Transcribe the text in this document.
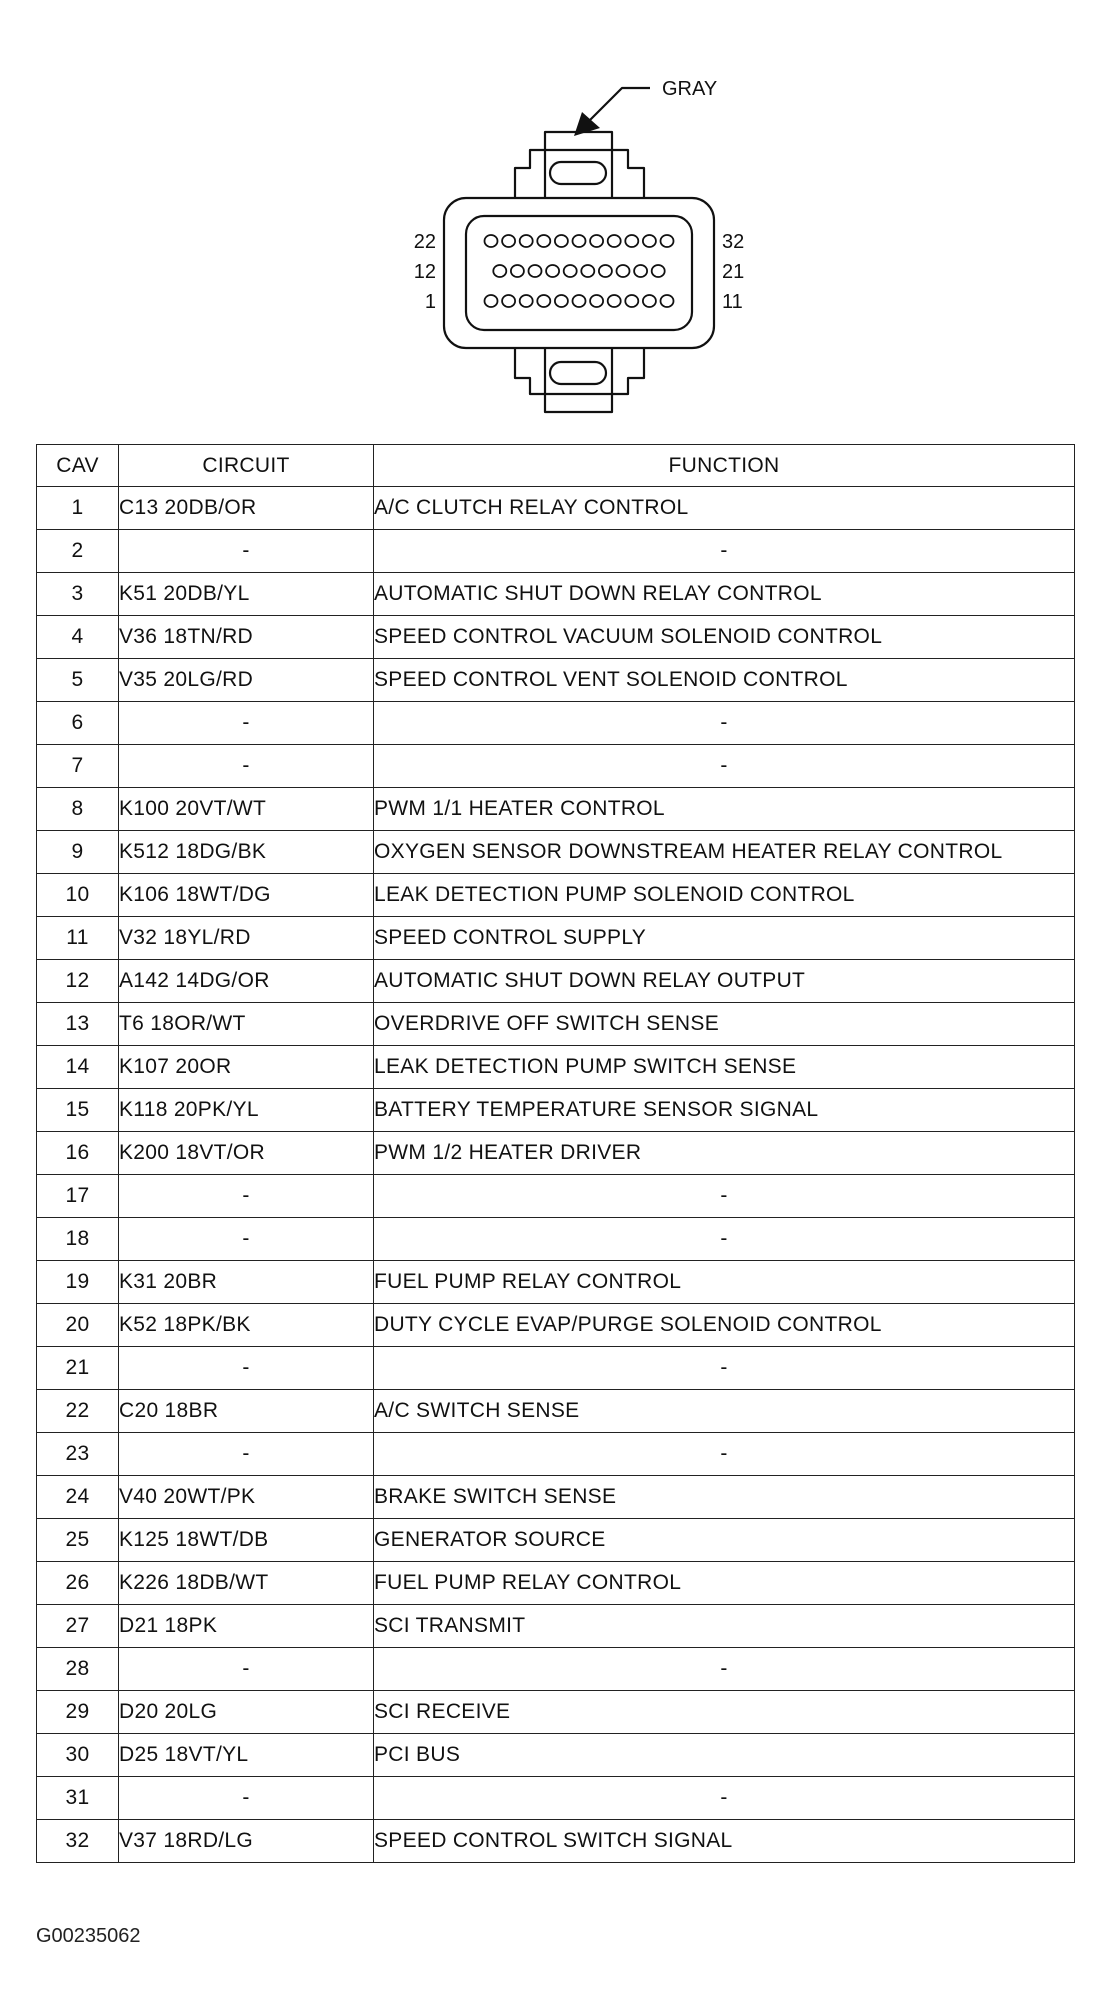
GRAY
22
12
1
32
21
11
CAV	CIRCUIT	FUNCTION
1	C13 20DB/OR	A/C CLUTCH RELAY CONTROL
2	-	-
3	K51 20DB/YL	AUTOMATIC SHUT DOWN RELAY CONTROL
4	V36 18TN/RD	SPEED CONTROL VACUUM SOLENOID CONTROL
5	V35 20LG/RD	SPEED CONTROL VENT SOLENOID CONTROL
6	-	-
7	-	-
8	K100 20VT/WT	PWM 1/1 HEATER CONTROL
9	K512 18DG/BK	OXYGEN SENSOR DOWNSTREAM HEATER RELAY CONTROL
10	K106 18WT/DG	LEAK DETECTION PUMP SOLENOID CONTROL
11	V32 18YL/RD	SPEED CONTROL SUPPLY
12	A142 14DG/OR	AUTOMATIC SHUT DOWN RELAY OUTPUT
13	T6 18OR/WT	OVERDRIVE OFF SWITCH SENSE
14	K107 20OR	LEAK DETECTION PUMP SWITCH SENSE
15	K118 20PK/YL	BATTERY TEMPERATURE SENSOR SIGNAL
16	K200 18VT/OR	PWM 1/2 HEATER DRIVER
17	-	-
18	-	-
19	K31 20BR	FUEL PUMP RELAY CONTROL
20	K52 18PK/BK	DUTY CYCLE EVAP/PURGE SOLENOID CONTROL
21	-	-
22	C20 18BR	A/C SWITCH SENSE
23	-	-
24	V40 20WT/PK	BRAKE SWITCH SENSE
25	K125 18WT/DB	GENERATOR SOURCE
26	K226 18DB/WT	FUEL PUMP RELAY CONTROL
27	D21 18PK	SCI TRANSMIT
28	-	-
29	D20 20LG	SCI RECEIVE
30	D25 18VT/YL	PCI BUS
31	-	-
32	V37 18RD/LG	SPEED CONTROL SWITCH SIGNAL
G00235062
